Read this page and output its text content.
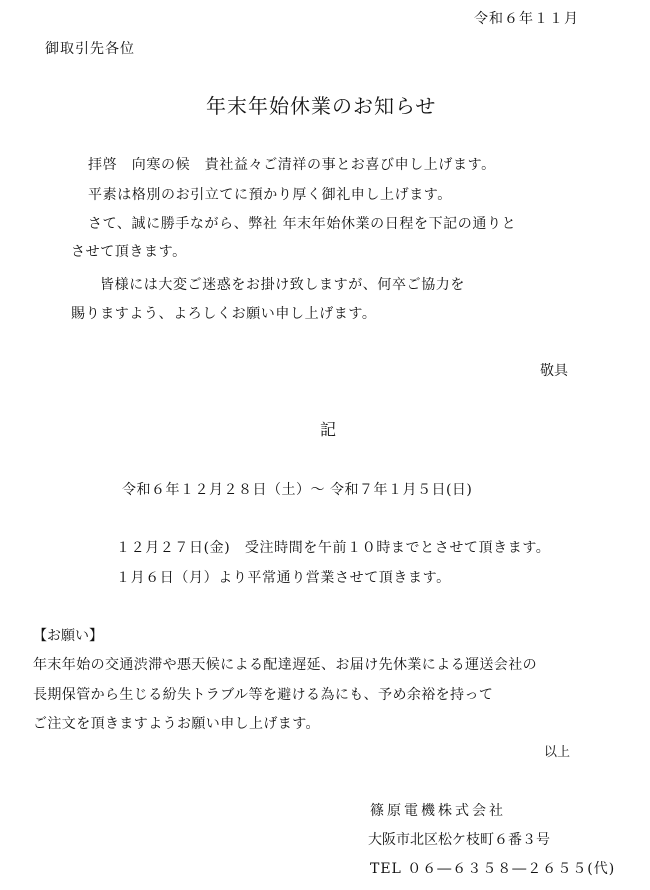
令和６年１１月
御取引先各位
年末年始休業のお知らせ
拝啓　向寒の候　貴社益々ご清祥の事とお喜び申し上げます。
平素は格別のお引立てに預かり厚く御礼申し上げます。
さて、誠に勝手ながら、弊社 年末年始休業の日程を下記の通りと
させて頂きます。
皆様には大変ご迷惑をお掛け致しますが、何卒ご協力を
賜りますよう、よろしくお願い申し上げます。
敬具
記
令和６年１２月２８日（土）～ 令和７年１月５日(日)
１２月２７日(金)　受注時間を午前１０時までとさせて頂きます。
１月６日（月）より平常通り営業させて頂きます。
【お願い】
年末年始の交通渋滞や悪天候による配達遅延、お届け先休業による運送会社の
長期保管から生じる紛失トラブル等を避ける為にも、予め余裕を持って
ご注文を頂きますようお願い申し上げます。
以上
篠原電機株式会社
大阪市北区松ケ枝町６番３号
TEL ０６―６３５８―２６５５(代)
